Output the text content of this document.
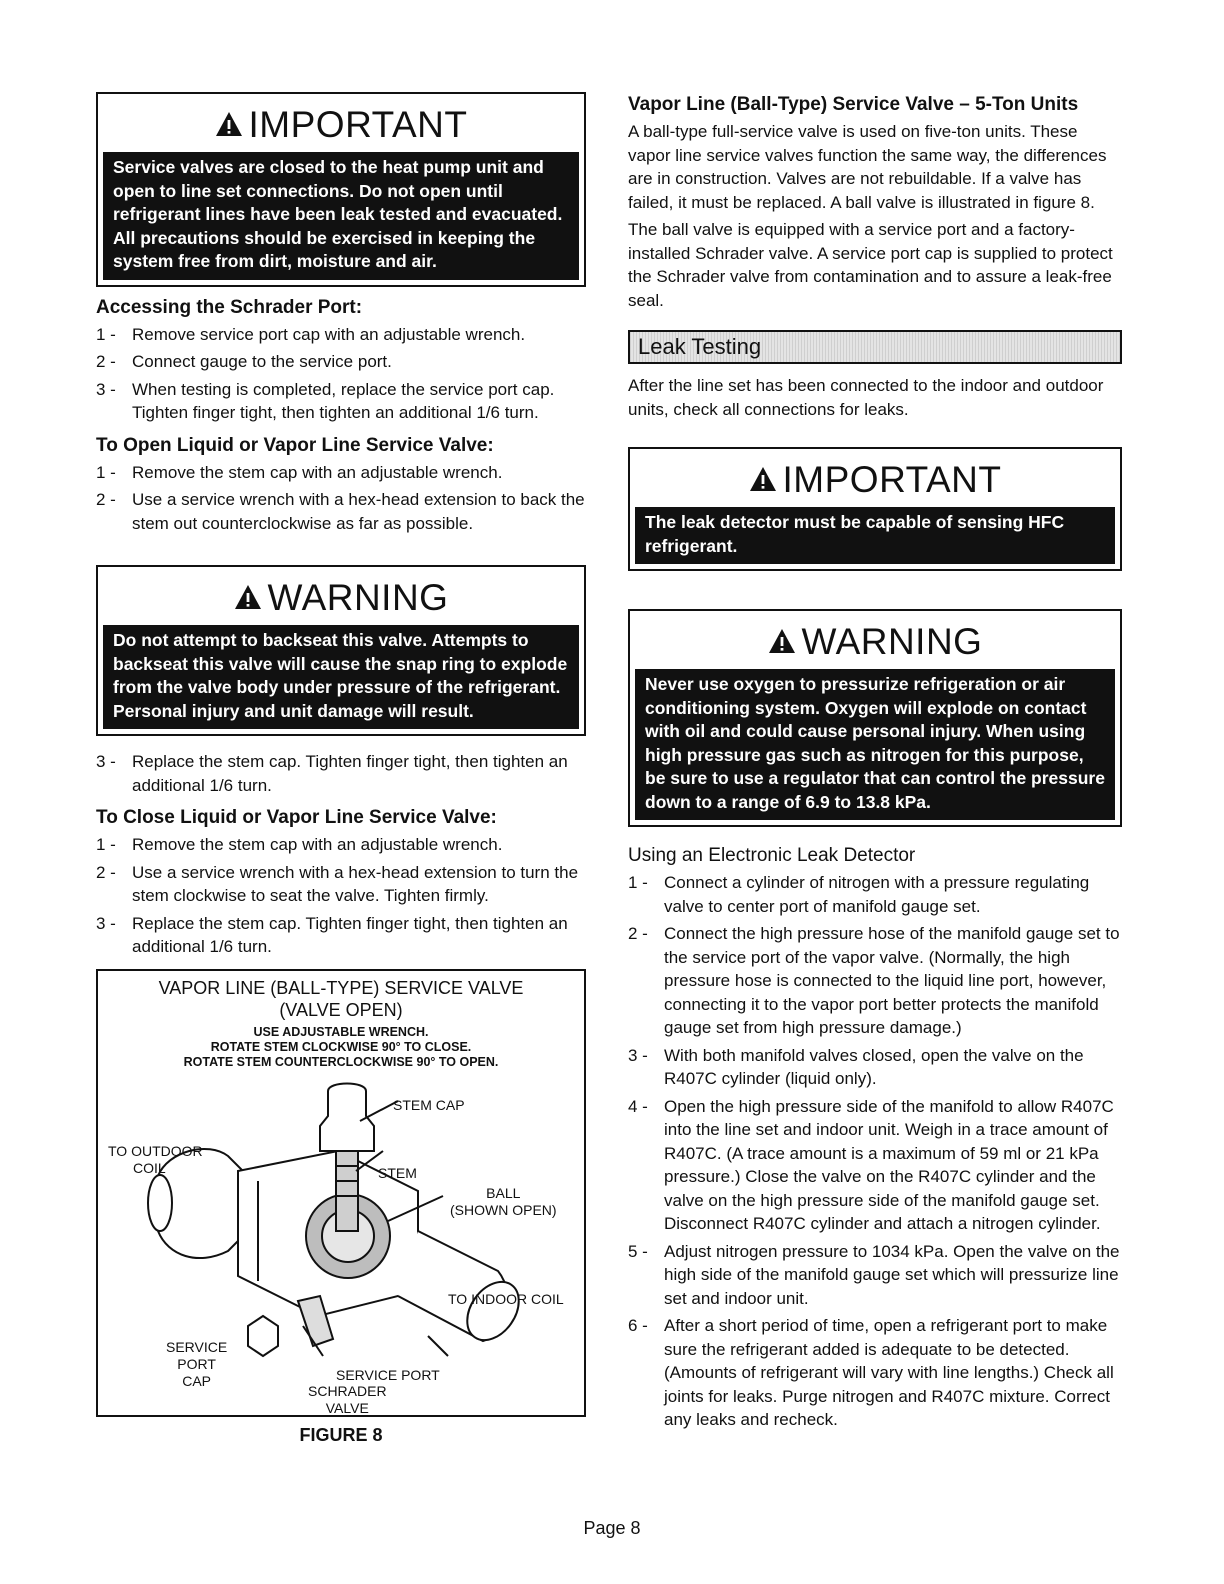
IMPORTANT
Service valves are closed to the heat pump unit and open to line set connections. Do not open until refrigerant lines have been leak tested and evacuated. All precautions should be exercised in keeping the system free from dirt, moisture and air.
Accessing the Schrader Port:
1 - Remove service port cap with an adjustable wrench.
2 - Connect gauge to the service port.
3 - When testing is completed, replace the service port cap. Tighten finger tight, then tighten an additional 1/6 turn.
To Open Liquid or Vapor Line Service Valve:
1 - Remove the stem cap with an adjustable wrench.
2 - Use a service wrench with a hex-head extension to back the stem out counterclockwise as far as possible.
WARNING
Do not attempt to backseat this valve. Attempts to backseat this valve will cause the snap ring to explode from the valve body under pressure of the refrigerant. Personal injury and unit damage will result.
3 - Replace the stem cap. Tighten finger tight, then tighten an additional 1/6 turn.
To Close Liquid or Vapor Line Service Valve:
1 - Remove the stem cap with an adjustable wrench.
2 - Use a service wrench with a hex-head extension to turn the stem clockwise to seat the valve. Tighten firmly.
3 - Replace the stem cap. Tighten finger tight, then tighten an additional 1/6 turn.
VAPOR LINE (BALL-TYPE) SERVICE VALVE
(VALVE OPEN)
USE ADJUSTABLE WRENCH.
ROTATE STEM CLOCKWISE 90° TO CLOSE.
ROTATE STEM COUNTERCLOCKWISE 90° TO OPEN.
STEM CAP
TO OUTDOOR
COIL	STEM
BALL
(SHOWN OPEN)
TO INDOOR COIL
SERVICE
PORT
CAP	SERVICE PORT
SCHRADER
VALVE
FIGURE 8
Vapor Line (Ball-Type) Service Valve – 5-Ton Units

A ball-type full-service valve is used on five-ton units. These vapor line service valves function the same way, the differences are in construction. Valves are not rebuildable. If a valve has failed, it must be replaced. A ball valve is illustrated in figure 8.

The ball valve is equipped with a service port and a factory-installed Schrader valve. A service port cap is supplied to protect the Schrader valve from contamination and to assure a leak-free seal.

Leak Testing

After the line set has been connected to the indoor and outdoor units, check all connections for leaks.

IMPORTANT
The leak detector must be capable of sensing HFC refrigerant.
WARNING
Never use oxygen to pressurize refrigeration or air conditioning system. Oxygen will explode on contact with oil and could cause personal injury. When using high pressure gas such as nitrogen for this purpose, be sure to use a regulator that can control the pressure down to a range of 6.9 to 13.8 kPa.
Using an Electronic Leak Detector
1 - Connect a cylinder of nitrogen with a pressure regulating valve to center port of manifold gauge set.
2 - Connect the high pressure hose of the manifold gauge set to the service port of the vapor valve. (Normally, the high pressure hose is connected to the liquid line port, however, connecting it to the vapor port better protects the manifold gauge set from high pressure damage.)
3 - With both manifold valves closed, open the valve on the R407C cylinder (liquid only).
4 - Open the high pressure side of the manifold to allow R407C into the line set and indoor unit. Weigh in a trace amount of R407C. (A trace amount is a maximum of 59 ml or 21 kPa pressure.) Close the valve on the R407C cylinder and the valve on the high pressure side of the manifold gauge set. Disconnect R407C cylinder and attach a nitrogen cylinder.
5 - Adjust nitrogen pressure to 1034 kPa. Open the valve on the high side of the manifold gauge set which will pressurize line set and indoor unit.
6 - After a short period of time, open a refrigerant port to make sure the refrigerant added is adequate to be detected. (Amounts of refrigerant will vary with line lengths.) Check all joints for leaks. Purge nitrogen and R407C mixture. Correct any leaks and recheck.
Page 8
